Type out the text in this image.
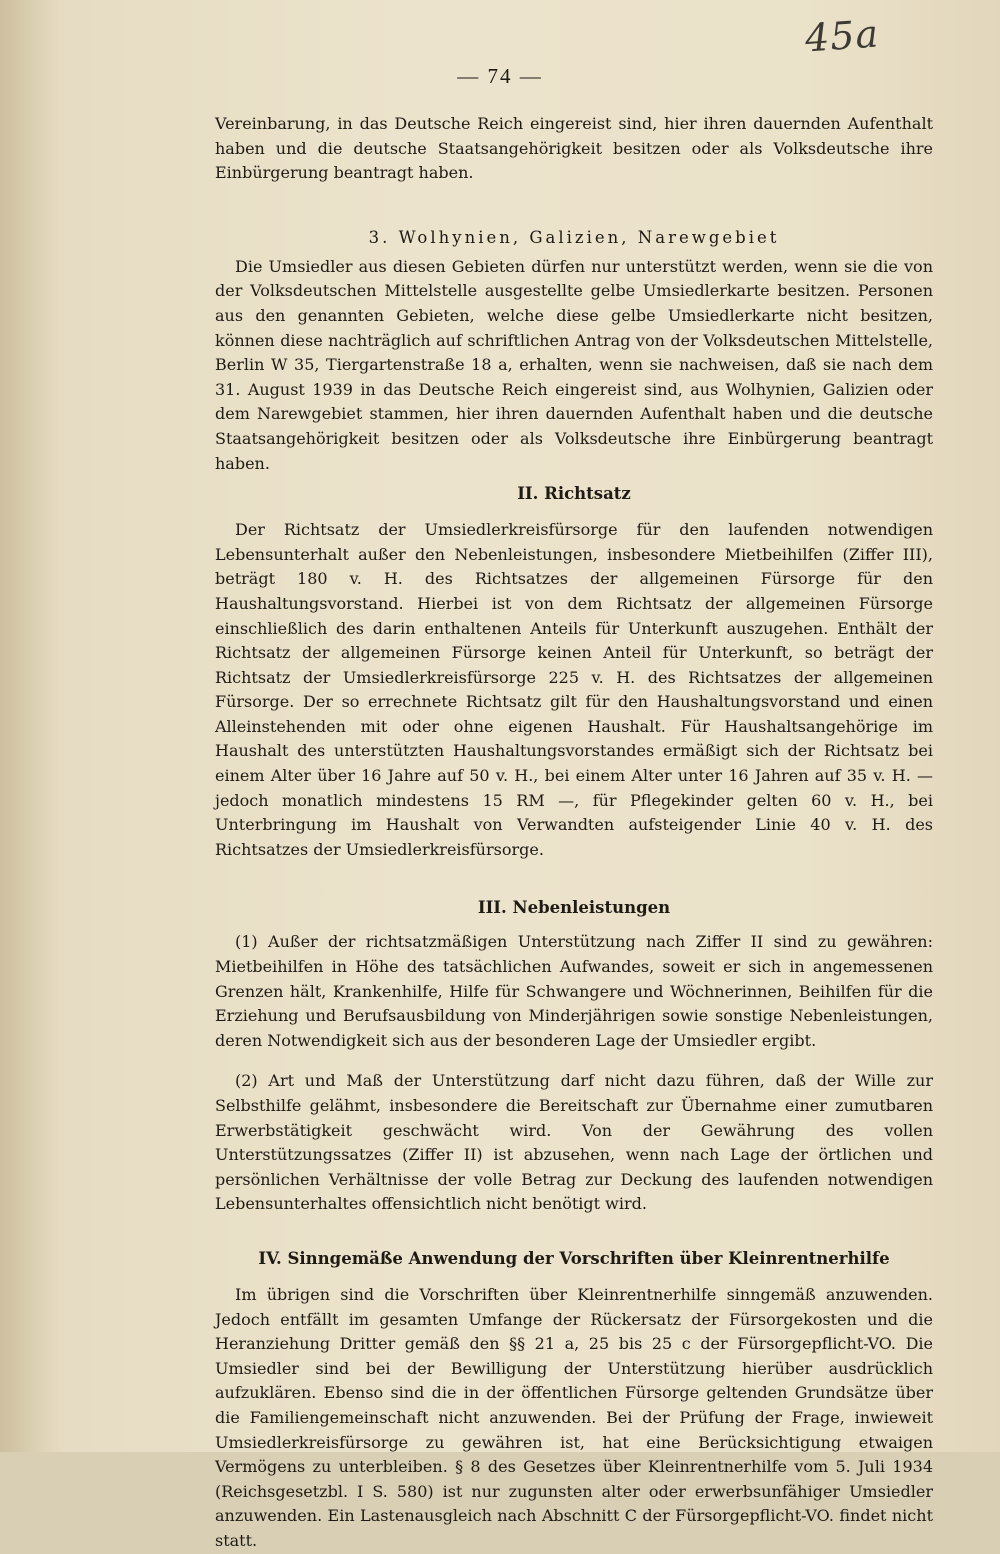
45a
— 74 —

Vereinbarung, in das Deutsche Reich eingereist sind, hier ihren dauernden Aufenthalt haben und die deutsche Staatsangehörigkeit besitzen oder als Volksdeutsche ihre Einbürgerung beantragt haben.

3. Wolhynien, Galizien, Narewgebiet

Die Umsiedler aus diesen Gebieten dürfen nur unterstützt werden, wenn sie die von der Volksdeutschen Mittelstelle ausgestellte gelbe Umsiedlerkarte besitzen. Personen aus den genannten Gebieten, welche diese gelbe Umsiedlerkarte nicht besitzen, können diese nachträglich auf schriftlichen Antrag von der Volksdeutschen Mittelstelle, Berlin W 35, Tiergartenstraße 18 a, erhalten, wenn sie nachweisen, daß sie nach dem 31. August 1939 in das Deutsche Reich eingereist sind, aus Wolhynien, Galizien oder dem Narewgebiet stammen, hier ihren dauernden Aufenthalt haben und die deutsche Staatsangehörigkeit besitzen oder als Volksdeutsche ihre Einbürgerung beantragt haben.

II. Richtsatz

Der Richtsatz der Umsiedlerkreisfürsorge für den laufenden notwendigen Lebensunterhalt außer den Nebenleistungen, insbesondere Mietbeihilfen (Ziffer III), beträgt 180 v. H. des Richtsatzes der allgemeinen Fürsorge für den Haushaltungsvorstand. Hierbei ist von dem Richtsatz der allgemeinen Fürsorge einschließlich des darin enthaltenen Anteils für Unterkunft auszugehen. Enthält der Richtsatz der allgemeinen Fürsorge keinen Anteil für Unterkunft, so beträgt der Richtsatz der Umsiedlerkreisfürsorge 225 v. H. des Richtsatzes der allgemeinen Fürsorge. Der so errechnete Richtsatz gilt für den Haushaltungsvorstand und einen Alleinstehenden mit oder ohne eigenen Haushalt. Für Haushaltsangehörige im Haushalt des unterstützten Haushaltungsvorstandes ermäßigt sich der Richtsatz bei einem Alter über 16 Jahre auf 50 v. H., bei einem Alter unter 16 Jahren auf 35 v. H. — jedoch monatlich mindestens 15 RM —, für Pflegekinder gelten 60 v. H., bei Unterbringung im Haushalt von Verwandten aufsteigender Linie 40 v. H. des Richtsatzes der Umsiedlerkreisfürsorge.

III. Nebenleistungen

(1) Außer der richtsatzmäßigen Unterstützung nach Ziffer II sind zu gewähren: Mietbeihilfen in Höhe des tatsächlichen Aufwandes, soweit er sich in angemessenen Grenzen hält, Krankenhilfe, Hilfe für Schwangere und Wöchnerinnen, Beihilfen für die Erziehung und Berufsausbildung von Minderjährigen sowie sonstige Nebenleistungen, deren Notwendigkeit sich aus der besonderen Lage der Umsiedler ergibt.

(2) Art und Maß der Unterstützung darf nicht dazu führen, daß der Wille zur Selbsthilfe gelähmt, insbesondere die Bereitschaft zur Übernahme einer zumutbaren Erwerbstätigkeit geschwächt wird. Von der Gewährung des vollen Unterstützungssatzes (Ziffer II) ist abzusehen, wenn nach Lage der örtlichen und persönlichen Verhältnisse der volle Betrag zur Deckung des laufenden notwendigen Lebensunterhaltes offensichtlich nicht benötigt wird.

IV. Sinngemäße Anwendung der Vorschriften über Kleinrentnerhilfe

Im übrigen sind die Vorschriften über Kleinrentnerhilfe sinngemäß anzuwenden. Jedoch entfällt im gesamten Umfange der Rückersatz der Fürsorgekosten und die Heranziehung Dritter gemäß den §§ 21 a, 25 bis 25 c der Fürsorgepflicht-VO. Die Umsiedler sind bei der Bewilligung der Unterstützung hierüber ausdrücklich aufzuklären. Ebenso sind die in der öffentlichen Fürsorge geltenden Grundsätze über die Familiengemeinschaft nicht anzuwenden. Bei der Prüfung der Frage, inwieweit Umsiedlerkreisfürsorge zu gewähren ist, hat eine Berücksichtigung etwaigen Vermögens zu unterbleiben. § 8 des Gesetzes über Kleinrentnerhilfe vom 5. Juli 1934 (Reichsgesetzbl. I S. 580) ist nur zugunsten alter oder erwerbsunfähiger Umsiedler anzuwenden. Ein Lastenausgleich nach Abschnitt C der Fürsorgepflicht-VO. findet nicht statt.
